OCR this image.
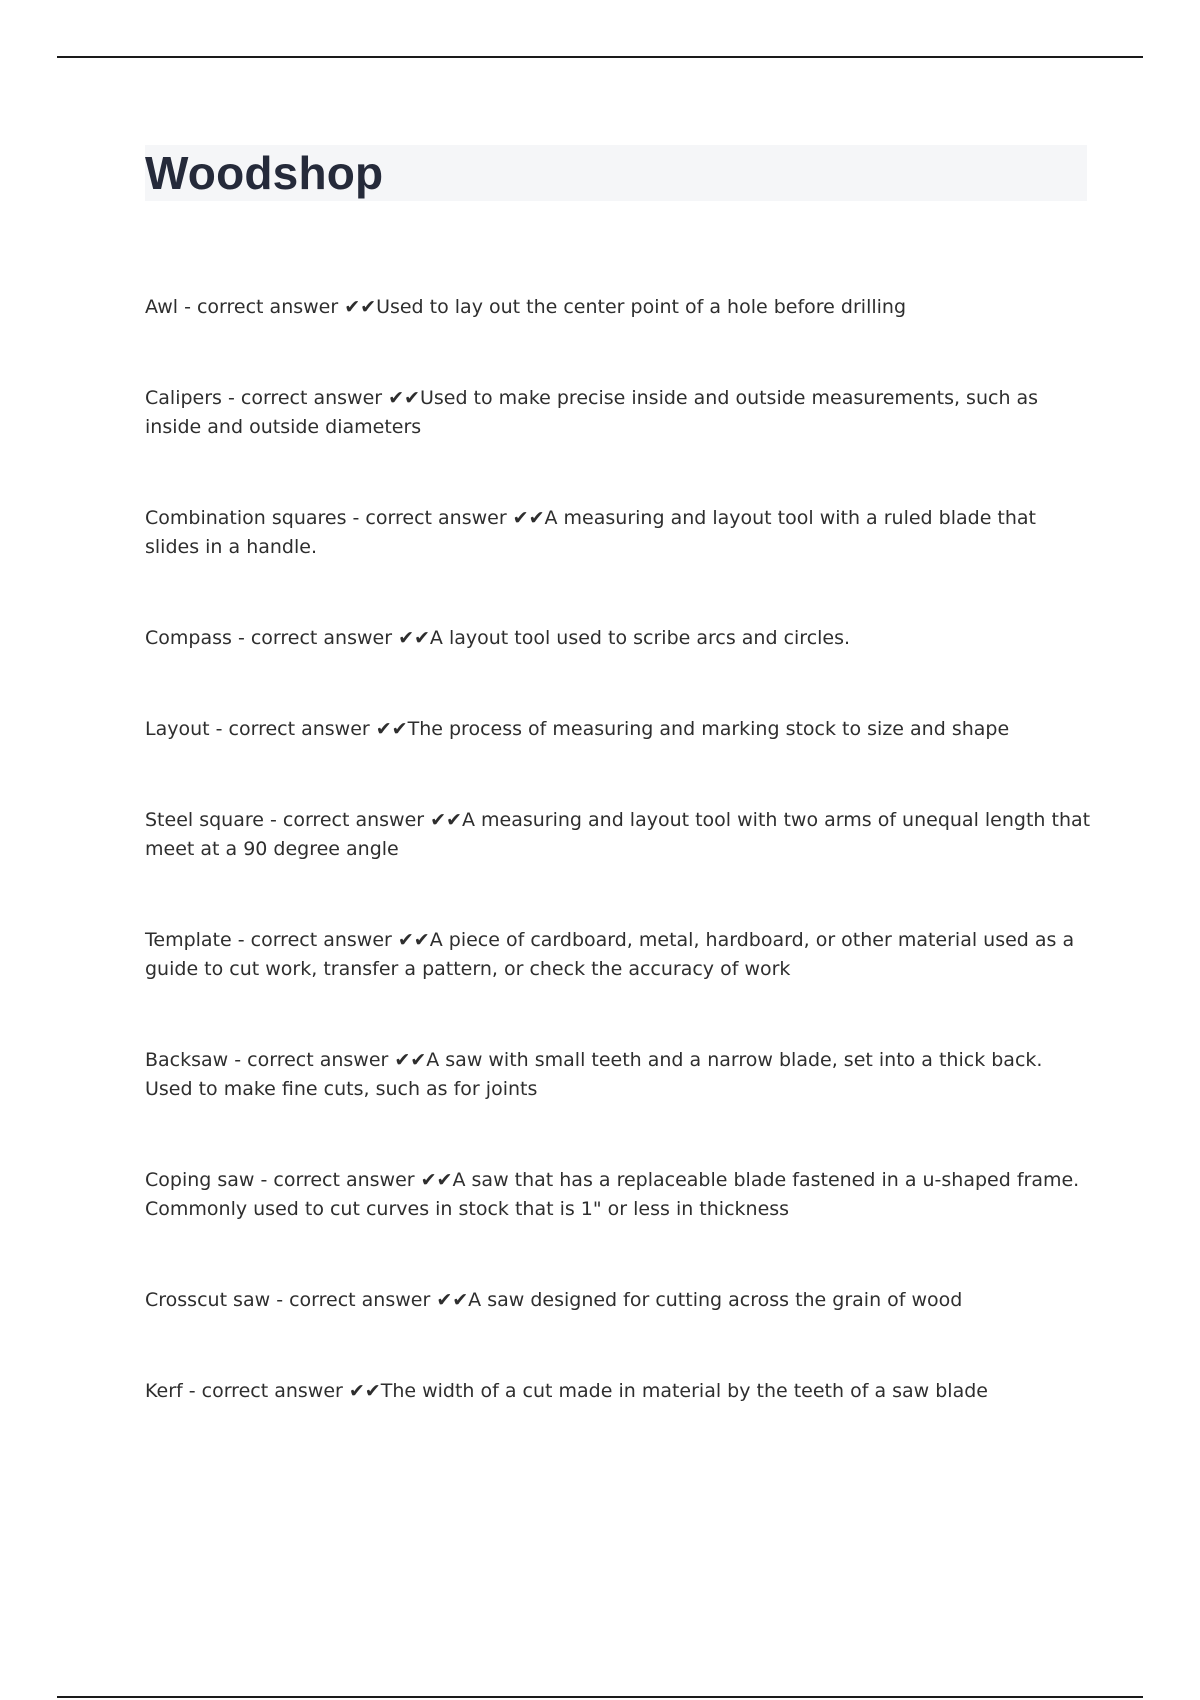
Woodshop
Awl - correct answer ✔✔Used to lay out the center point of a hole before drilling
Calipers - correct answer ✔✔Used to make precise inside and outside measurements, such as inside and outside diameters
Combination squares - correct answer ✔✔A measuring and layout tool with a ruled blade that slides in a handle.
Compass - correct answer ✔✔A layout tool used to scribe arcs and circles.
Layout - correct answer ✔✔The process of measuring and marking stock to size and shape
Steel square - correct answer ✔✔A measuring and layout tool with two arms of unequal length that meet at a 90 degree angle
Template - correct answer ✔✔A piece of cardboard, metal, hardboard, or other material used as a guide to cut work, transfer a pattern, or check the accuracy of work
Backsaw - correct answer ✔✔A saw with small teeth and a narrow blade, set into a thick back. Used to make fine cuts, such as for joints
Coping saw - correct answer ✔✔A saw that has a replaceable blade fastened in a u-shaped frame. Commonly used to cut curves in stock that is 1" or less in thickness
Crosscut saw - correct answer ✔✔A saw designed for cutting across the grain of wood
Kerf - correct answer ✔✔The width of a cut made in material by the teeth of a saw blade
